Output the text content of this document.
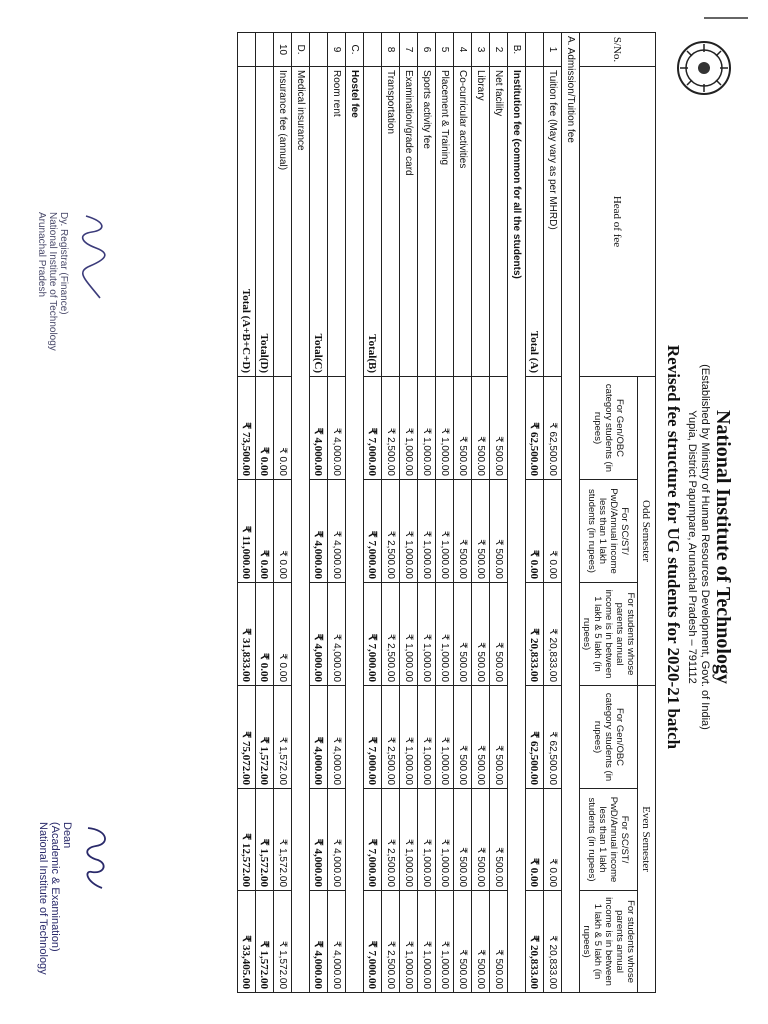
National Institute of Technology
(Established by Ministry of Human Resources Development, Govt. of India)
Yupia, District Papumpare, Arunachal Pradesh – 791112
Revised fee structure for UG students for 2020-21 batch
S/No.	Head of fee	Odd Semester			Even Semester		
		For Gen/OBC category students (in rupees)	For SC/ST/ PwD/Annual income less than 1 lakh students (in rupees)	For students whose parents annual income is in between 1 lakh & 5 lakh (in rupees)	For Gen/OBC category students (in rupees)	For SC/ST/ PwD/Annual income less than 1 lakh students (in rupees)	For students whose parents annual income is in between 1 lakh & 5 lakh (in rupees)
A. Admission/Tuition fee							
1	Tuition fee (May vary as per MHRD)	₹ 62,500.00	₹ 0.00	₹ 20,833.00	₹ 62,500.00	₹ 0.00	₹ 20,833.00
	Total (A)	₹ 62,500.00	₹ 0.00	₹ 20,833.00	₹ 62,500.00	₹ 0.00	₹ 20,833.00
B.	Institution fee (common for all the students)						
2	Net facility	₹ 500.00	₹ 500.00	₹ 500.00	₹ 500.00	₹ 500.00	₹ 500.00
3	Library	₹ 500.00	₹ 500.00	₹ 500.00	₹ 500.00	₹ 500.00	₹ 500.00
4	Co-curricular activities	₹ 500.00	₹ 500.00	₹ 500.00	₹ 500.00	₹ 500.00	₹ 500.00
5	Placement & Training	₹ 1,000.00	₹ 1,000.00	₹ 1,000.00	₹ 1,000.00	₹ 1,000.00	₹ 1,000.00
6	Sports activity fee	₹ 1,000.00	₹ 1,000.00	₹ 1,000.00	₹ 1,000.00	₹ 1,000.00	₹ 1,000.00
7	Examination/grade card	₹ 1,000.00	₹ 1,000.00	₹ 1,000.00	₹ 1,000.00	₹ 1,000.00	₹ 1,000.00
8	Transportation	₹ 2,500.00	₹ 2,500.00	₹ 2,500.00	₹ 2,500.00	₹ 2,500.00	₹ 2,500.00
	Total(B)	₹ 7,000.00	₹ 7,000.00	₹ 7,000.00	₹ 7,000.00	₹ 7,000.00	₹ 7,000.00
C.	Hostel fee						
9	Room rent	₹ 4,000.00	₹ 4,000.00	₹ 4,000.00	₹ 4,000.00	₹ 4,000.00	₹ 4,000.00
	Total(C)	₹ 4,000.00	₹ 4,000.00	₹ 4,000.00	₹ 4,000.00	₹ 4,000.00	₹ 4,000.00
D.	Medical insurance						
10	Insurance fee (annual)	₹ 0.00	₹ 0.00	₹ 0.00	₹ 1,572.00	₹ 1,572.00	₹ 1,572.00
	Total(D)	₹ 0.00	₹ 0.00	₹ 0.00	₹ 1,572.00	₹ 1,572.00	₹ 1,572.00
	Total (A+B+C+D)	₹ 73,500.00	₹ 11,000.00	₹ 31,833.00	₹ 75,072.00	₹ 12,572.00	₹ 33,405.00
Dy. Registrar (Finance)
National Institute of Technology
Arunachal Pradesh
Dean
(Academic & Examination)
National Institute of Technology
